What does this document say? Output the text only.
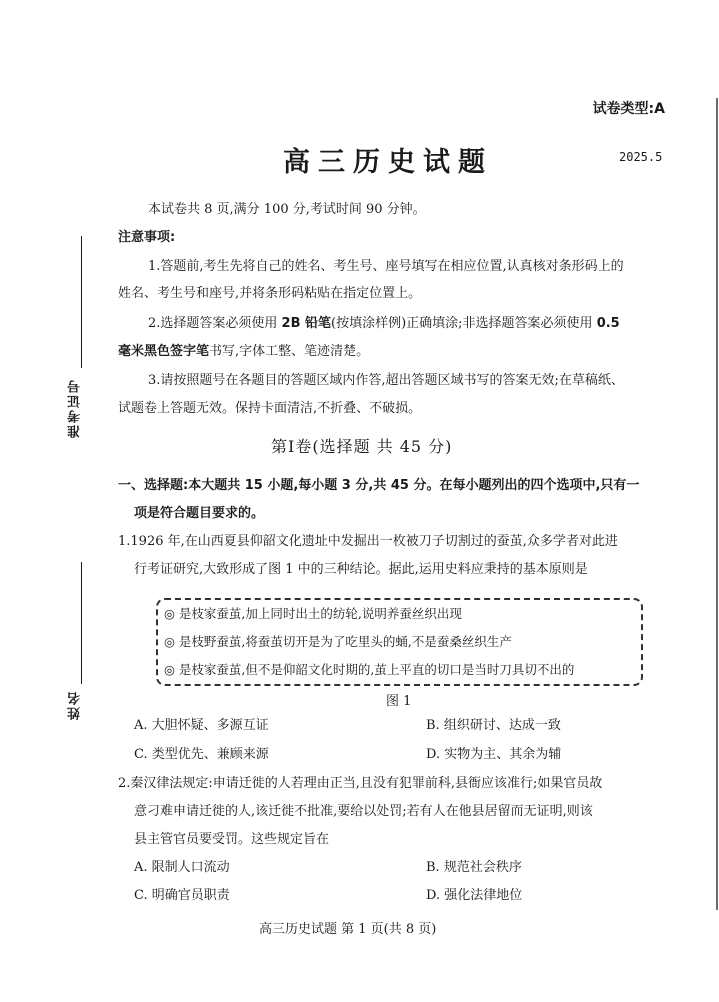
试卷类型:A
高三历史试题	2025.5
本试卷共 8 页,满分 100 分,考试时间 90 分钟。
注意事项:
1.答题前,考生先将自己的姓名、考生号、座号填写在相应位置,认真核对条形码上的
姓名、考生号和座号,并将条形码粘贴在指定位置上。
2.选择题答案必须使用 2B 铅笔(按填涂样例)正确填涂;非选择题答案必须使用 0.5
毫米黑色签字笔书写,字体工整、笔迹清楚。
3.请按照题号在各题目的答题区域内作答,超出答题区域书写的答案无效;在草稿纸、
试题卷上答题无效。保持卡面清洁,不折叠、不破损。
准考证号
姓名
第Ⅰ卷(选择题 共 45 分)
一、选择题:本大题共 15 小题,每小题 3 分,共 45 分。在每小题列出的四个选项中,只有一
项是符合题目要求的。
1.1926 年,在山西夏县仰韶文化遗址中发掘出一枚被刀子切割过的蚕茧,众多学者对此进
行考证研究,大致形成了图 1 中的三种结论。据此,运用史料应秉持的基本原则是
◎ 是枝家蚕茧,加上同时出土的纺轮,说明养蚕丝织出现
◎ 是枝野蚕茧,将蚕茧切开是为了吃里头的蛹,不是蚕桑丝织生产
◎ 是枝家蚕茧,但不是仰韶文化时期的,茧上平直的切口是当时刀具切不出的
图 1
A. 大胆怀疑、多源互证	B. 组织研讨、达成一致
C. 类型优先、兼顾来源	D. 实物为主、其余为辅
2.秦汉律法规定:申请迁徙的人若理由正当,且没有犯罪前科,县衙应该准行;如果官员故
意刁难申请迁徙的人,该迁徙不批准,要给以处罚;若有人在他县居留而无证明,则该
县主管官员要受罚。这些规定旨在
A. 限制人口流动	B. 规范社会秩序
C. 明确官员职责	D. 强化法律地位
高三历史试题 第 1 页(共 8 页)
